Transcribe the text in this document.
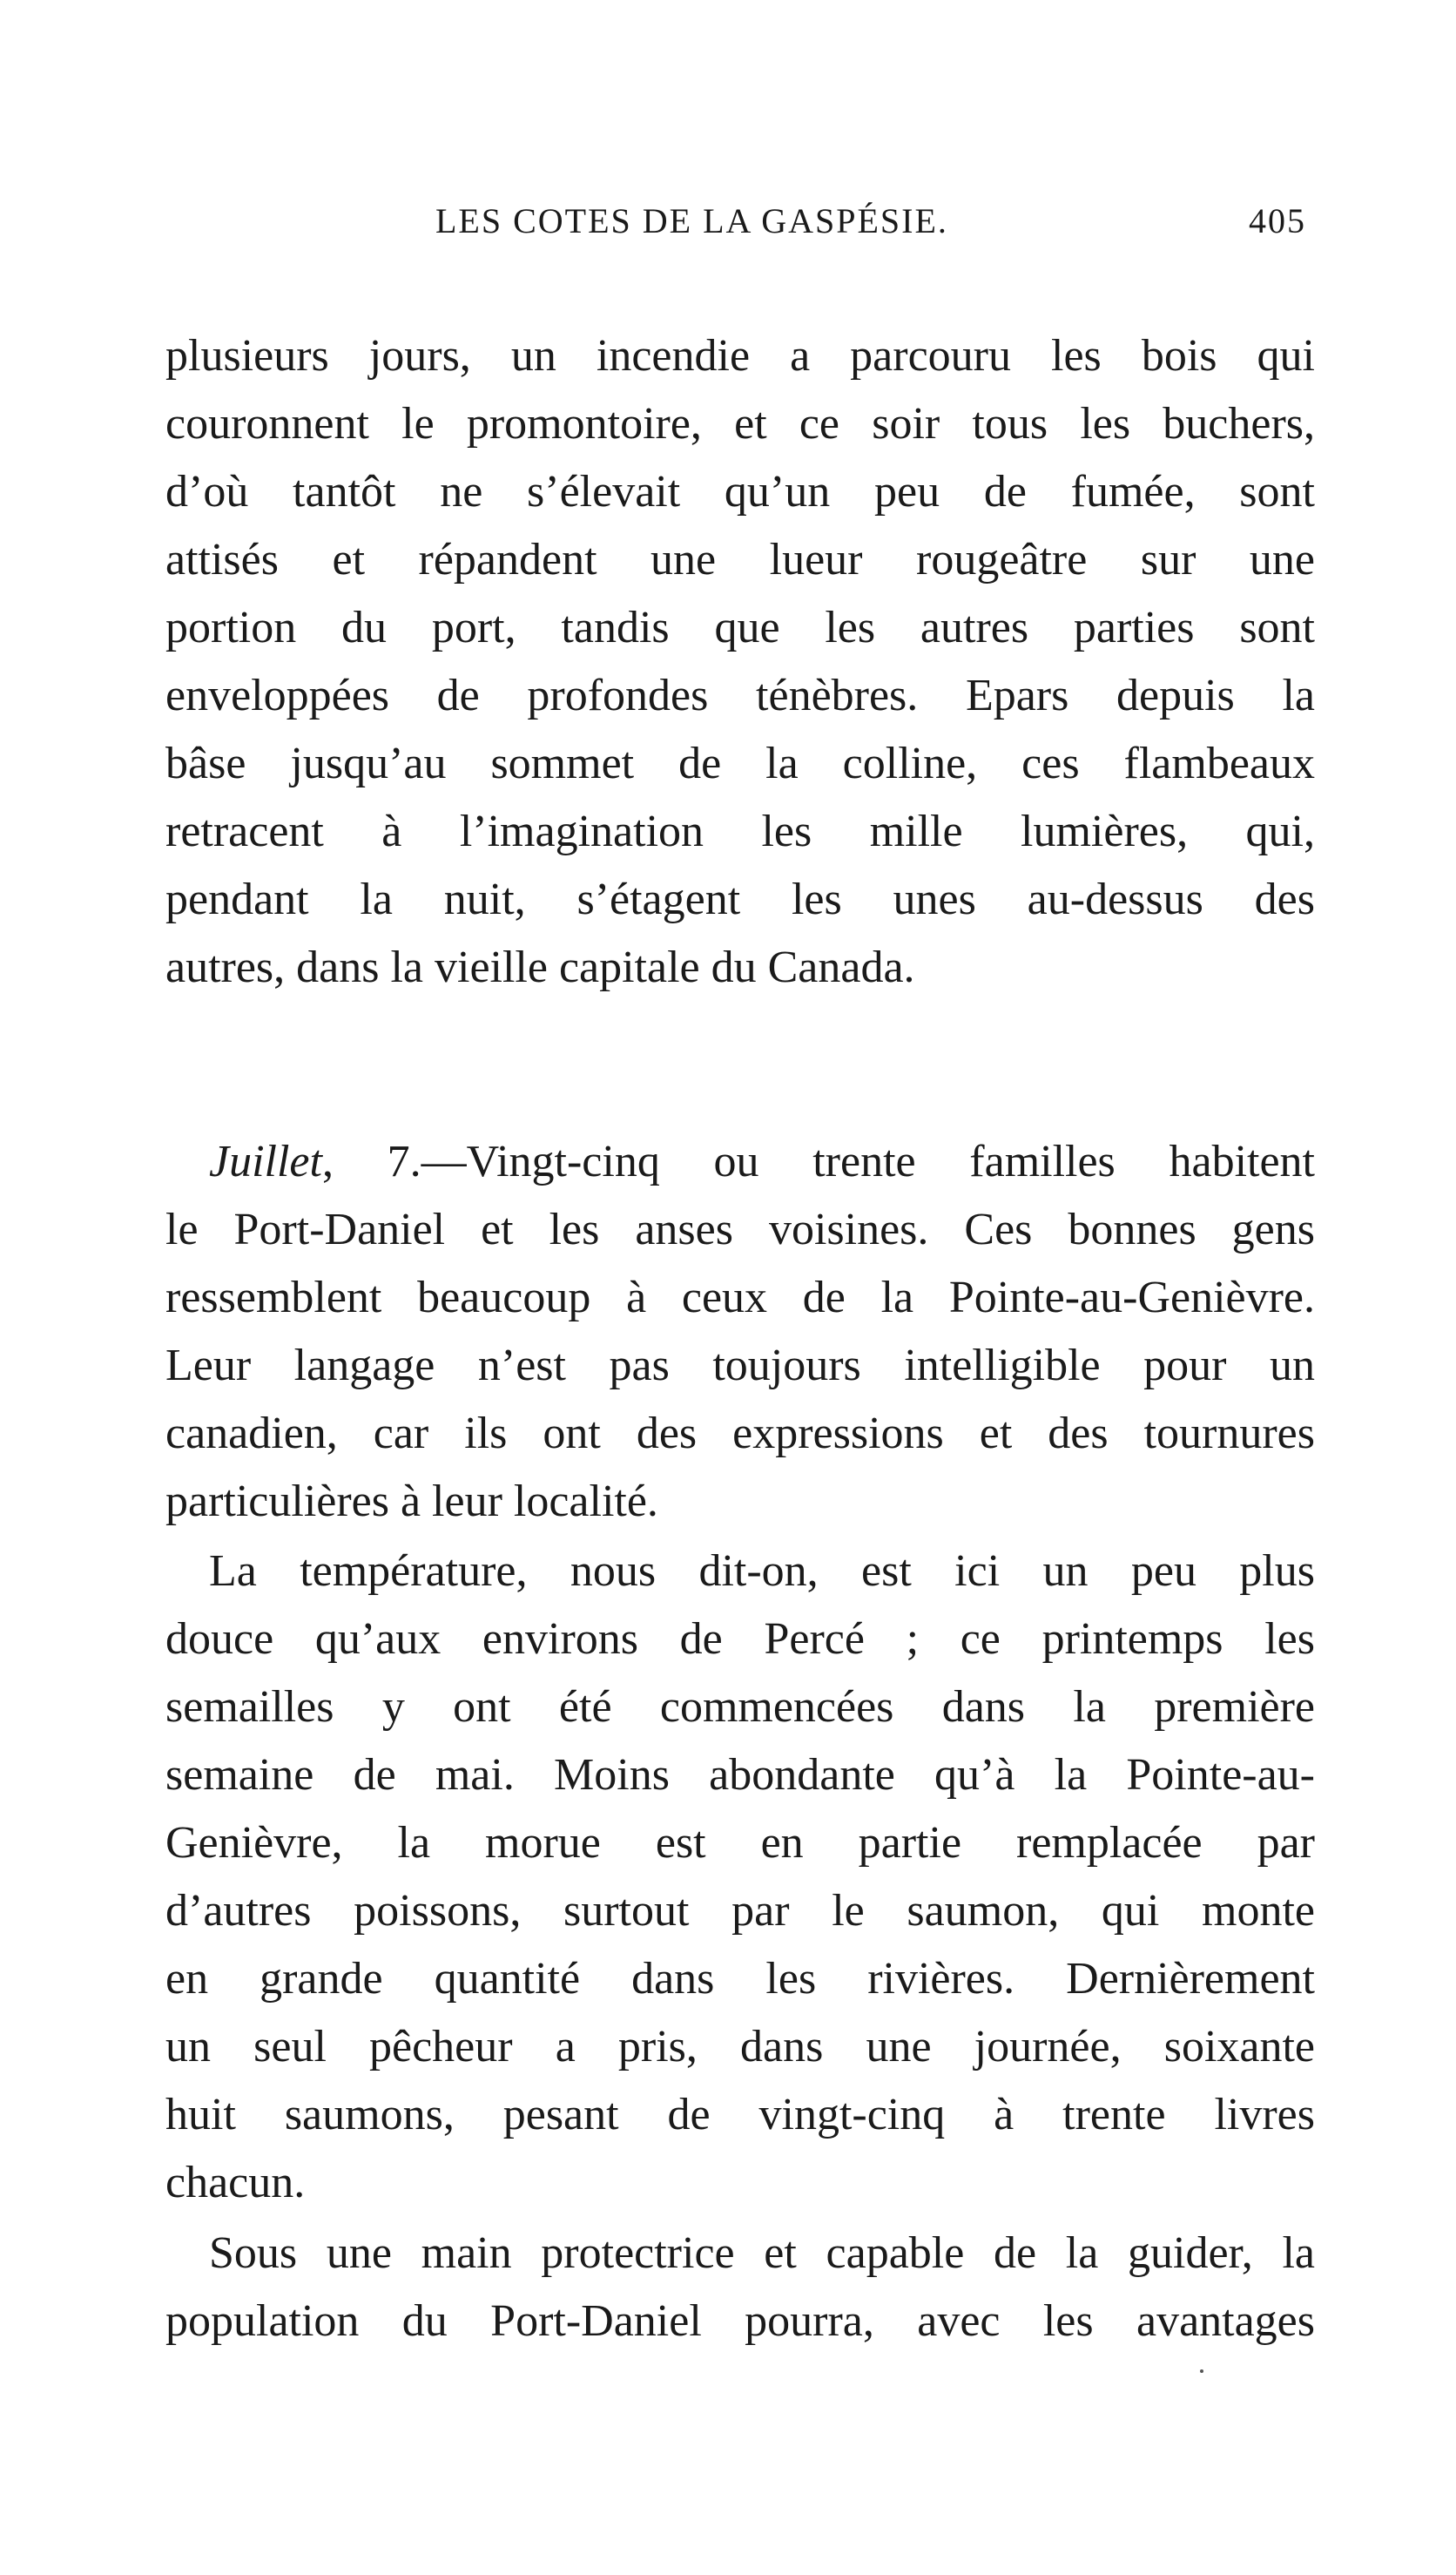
LES COTES DE LA GASPÉSIE.	405
plusieurs jours, un incendie a parcouru les bois qui
couronnent le promontoire, et ce soir tous les buchers,
d’où tantôt ne s’élevait qu’un peu de fumée, sont
attisés et répandent une lueur rougeâtre sur une
portion du port, tandis que les autres parties sont
enveloppées de profondes ténèbres. Epars depuis la
bâse jusqu’au sommet de la colline, ces flambeaux
retracent à l’imagination les mille lumières, qui,
pendant la nuit, s’étagent les unes au-dessus des
autres, dans la vieille capitale du Canada.
Juillet, 7.—Vingt-cinq ou trente familles habitent
le Port-Daniel et les anses voisines. Ces bonnes gens
ressemblent beaucoup à ceux de la Pointe-au-Genièvre.
Leur langage n’est pas toujours intelligible pour un
canadien, car ils ont des expressions et des tournures
particulières à leur localité.
La température, nous dit-on, est ici un peu plus
douce qu’aux environs de Percé ; ce printemps les
semailles y ont été commencées dans la première
semaine de mai. Moins abondante qu’à la Pointe-au-
Genièvre, la morue est en partie remplacée par
d’autres poissons, surtout par le saumon, qui monte
en grande quantité dans les rivières. Dernièrement
un seul pêcheur a pris, dans une journée, soixante
huit saumons, pesant de vingt-cinq à trente livres
chacun.
Sous une main protectrice et capable de la guider, la
population du Port-Daniel pourra, avec les avantages
